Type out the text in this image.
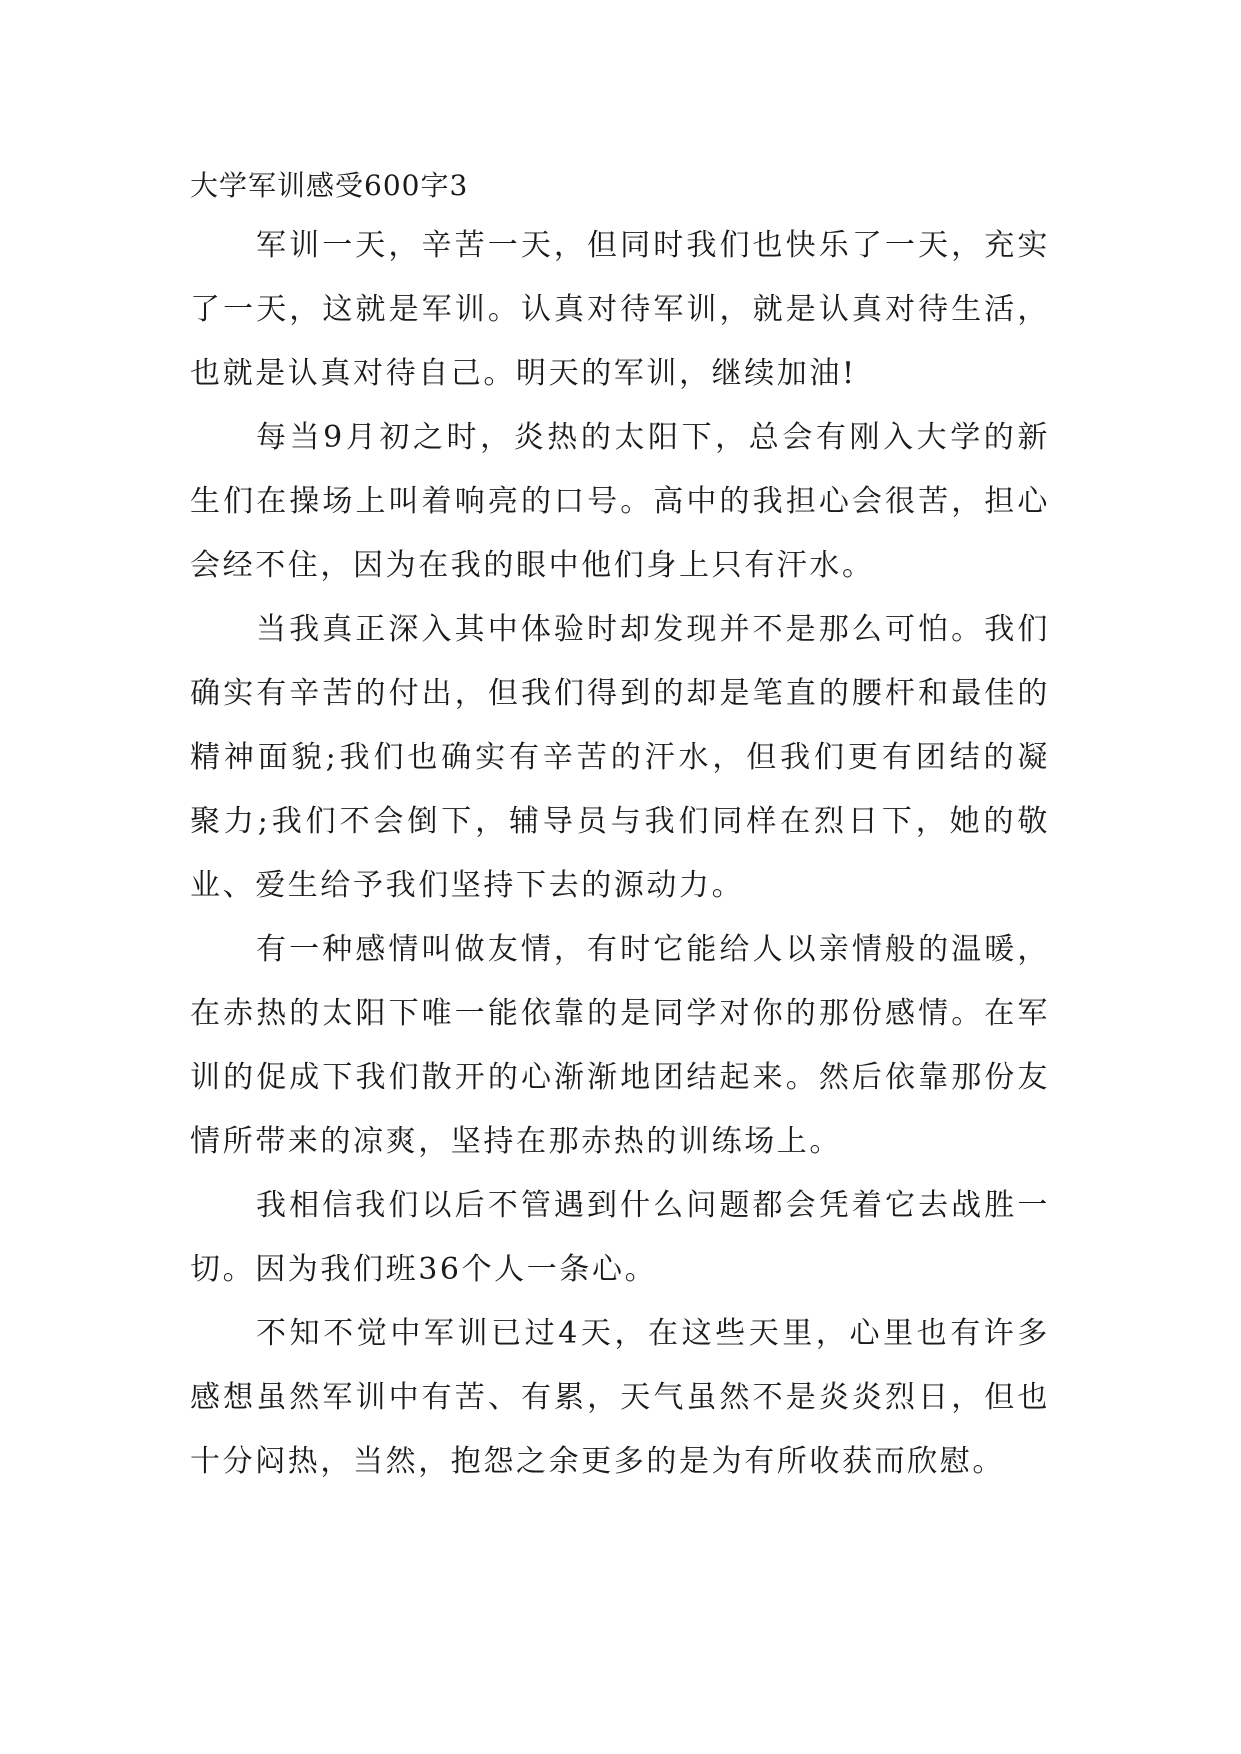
大学军训感受600字3

军训一天，辛苦一天，但同时我们也快乐了一天，充实了一天，这就是军训。认真对待军训，就是认真对待生活，也就是认真对待自己。明天的军训，继续加油!

每当9月初之时，炎热的太阳下，总会有刚入大学的新生们在操场上叫着响亮的口号。高中的我担心会很苦，担心会经不住，因为在我的眼中他们身上只有汗水。

当我真正深入其中体验时却发现并不是那么可怕。我们确实有辛苦的付出，但我们得到的却是笔直的腰杆和最佳的精神面貌;我们也确实有辛苦的汗水，但我们更有团结的凝聚力;我们不会倒下，辅导员与我们同样在烈日下，她的敬业、爱生给予我们坚持下去的源动力。

有一种感情叫做友情，有时它能给人以亲情般的温暖，在赤热的太阳下唯一能依靠的是同学对你的那份感情。在军训的促成下我们散开的心渐渐地团结起来。然后依靠那份友情所带来的凉爽，坚持在那赤热的训练场上。

我相信我们以后不管遇到什么问题都会凭着它去战胜一切。因为我们班36个人一条心。

不知不觉中军训已过4天，在这些天里，心里也有许多感想虽然军训中有苦、有累，天气虽然不是炎炎烈日，但也十分闷热，当然，抱怨之余更多的是为有所收获而欣慰。
